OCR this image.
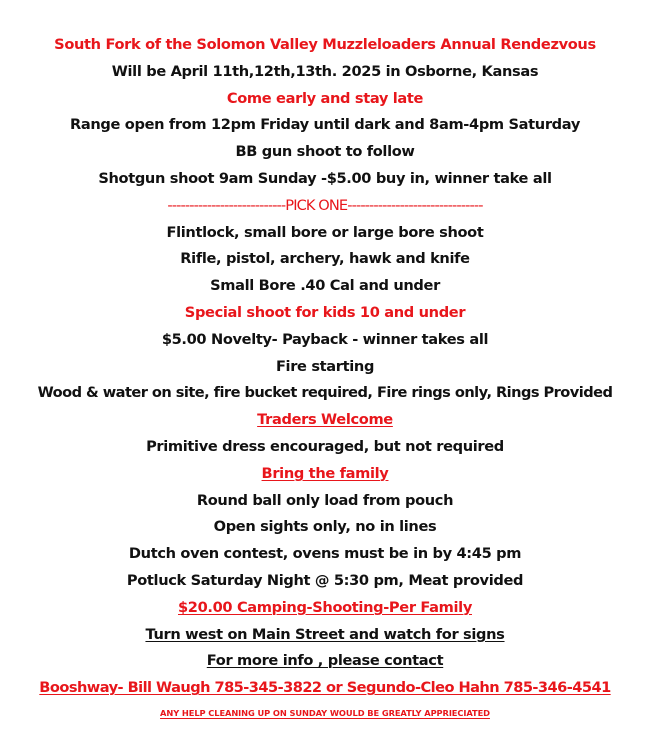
South Fork of the Solomon Valley Muzzleloaders Annual Rendezvous
Will be April 11th,12th,13th. 2025 in Osborne, Kansas
Come early and stay late
Range open from 12pm Friday until dark and 8am-4pm Saturday
BB gun shoot to follow
Shotgun shoot 9am Sunday -$5.00 buy in, winner take all
---------------------------PICK ONE-------------------------------
Flintlock, small bore or large bore shoot
Rifle, pistol, archery, hawk and knife
Small Bore .40 Cal and under
Special shoot for kids 10 and under
$5.00 Novelty- Payback - winner takes all
Fire starting
Wood & water on site, fire bucket required, Fire rings only, Rings Provided
Traders Welcome
Primitive dress encouraged, but not required
Bring the family
Round ball only load from pouch
Open sights only, no in lines
Dutch oven contest, ovens must be in by 4:45 pm
Potluck Saturday Night @ 5:30 pm, Meat provided
$20.00 Camping-Shooting-Per Family
Turn west on Main Street and watch for signs
For more info , please contact
Booshway- Bill Waugh 785-345-3822 or Segundo-Cleo Hahn 785-346-4541
ANY HELP CLEANING UP ON SUNDAY WOULD BE GREATLY APPRIECIATED
